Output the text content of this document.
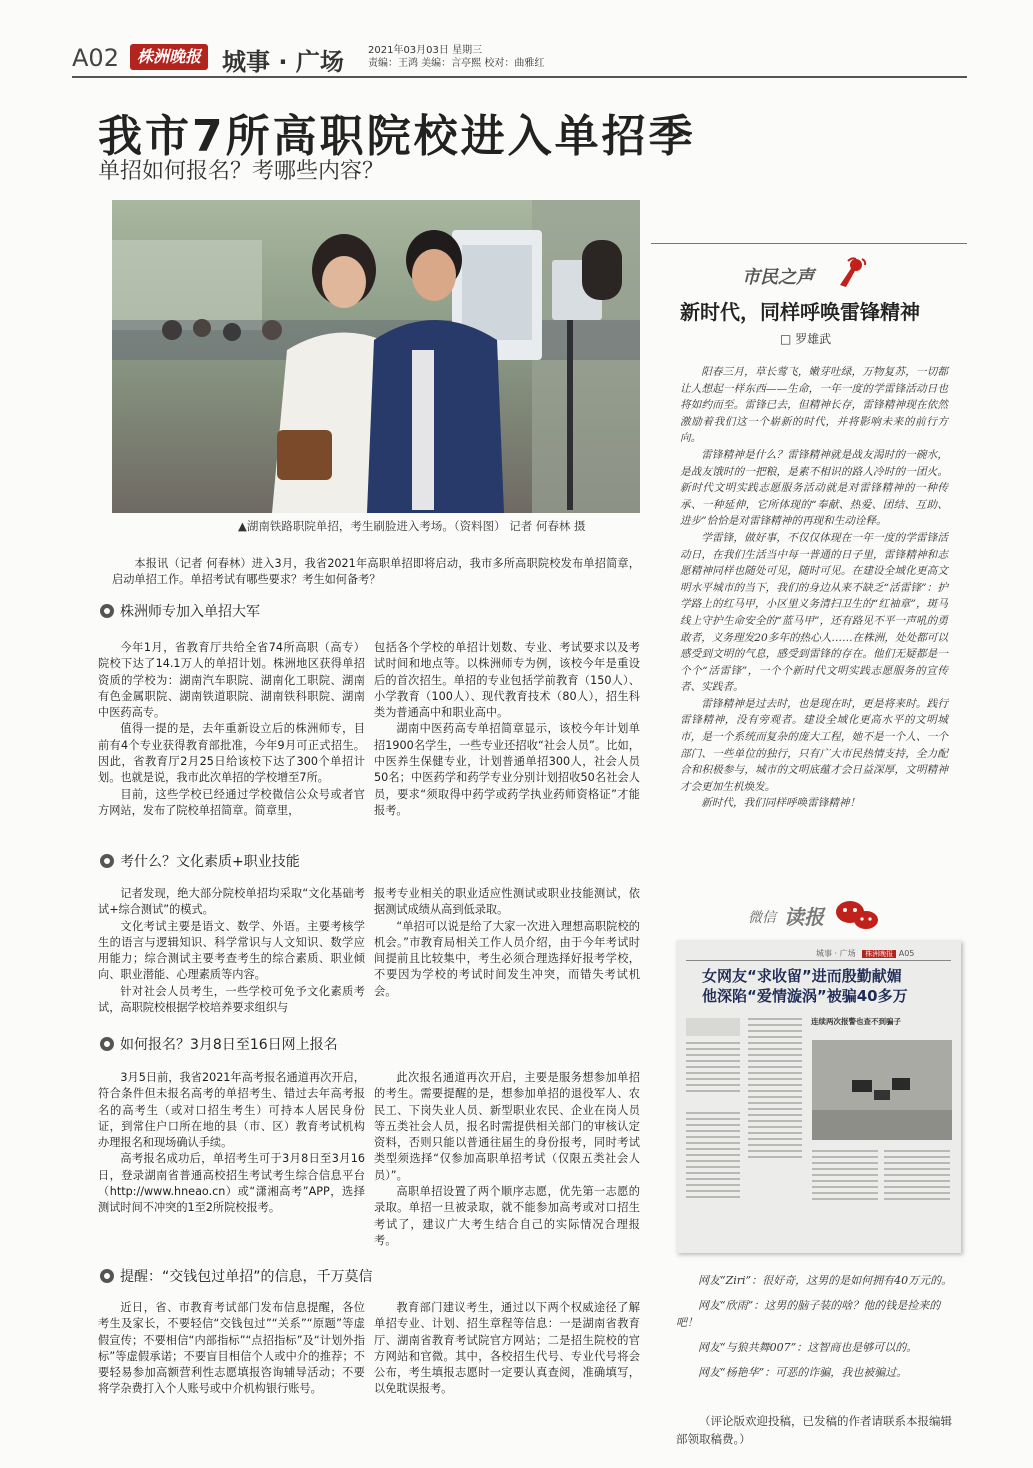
A02	株洲晚报 城事 · 广场 2021年03月03日 星期三
责编：王鸿 美编：言亭熙 校对：曲雅红
我市7所高职院校进入单招季
单招如何报名？考哪些内容？
▲湖南铁路职院单招，考生刷脸进入考场。（资料图） 记者 何春林 摄

本报讯（记者 何春林）进入3月，我省2021年高职单招即将启动，我市多所高职院校发布单招简章，启动单招工作。单招考试有哪些要求？考生如何备考？

株洲师专加入单招大军

今年1月，省教育厅共给全省74所高职（高专）院校下达了14.1万人的单招计划。株洲地区获得单招资质的学校为：湖南汽车职院、湖南化工职院、湖南有色金属职院、湖南铁道职院、湖南铁科职院、湖南中医药高专。

值得一提的是，去年重新设立后的株洲师专，目前有4个专业获得教育部批准，今年9月可正式招生。因此，省教育厅2月25日给该校下达了300个单招计划。也就是说，我市此次单招的学校增至7所。

目前，这些学校已经通过学校微信公众号或者官方网站，发布了院校单招简章。简章里，

包括各个学校的单招计划数、专业、考试要求以及考试时间和地点等。以株洲师专为例，该校今年是重设后的首次招生。单招的专业包括学前教育（150人）、小学教育（100人）、现代教育技术（80人），招生科类为普通高中和职业高中。

湖南中医药高专单招简章显示，该校今年计划单招1900名学生，一些专业还招收“社会人员”。比如，中医养生保健专业，计划普通单招300人，社会人员50名；中医药学和药学专业分别计划招收50名社会人员，要求“须取得中药学或药学执业药师资格证”才能报考。

考什么？文化素质+职业技能

记者发现，绝大部分院校单招均采取“文化基础考试+综合测试”的模式。

文化考试主要是语文、数学、外语。主要考核学生的语言与逻辑知识、科学常识与人文知识、数学应用能力；综合测试主要考查考生的综合素质、职业倾向、职业潜能、心理素质等内容。

针对社会人员考生，一些学校可免予文化素质考试，高职院校根据学校培养要求组织与

报考专业相关的职业适应性测试或职业技能测试，依据测试成绩从高到低录取。

“单招可以说是给了大家一次进入理想高职院校的机会。”市教育局相关工作人员介绍，由于今年考试时间提前且比较集中，考生必须合理选择好报考学校，不要因为学校的考试时间发生冲突，而错失考试机会。

如何报名？3月8日至16日网上报名

3月5日前，我省2021年高考报名通道再次开启，符合条件但未报名高考的单招考生、错过去年高考报名的高考生（或对口招生考生）可持本人居民身份证，到常住户口所在地的县（市、区）教育考试机构办理报名和现场确认手续。

高考报名成功后，单招考生可于3月8日至3月16日，登录湖南省普通高校招生考试考生综合信息平台（http://www.hneao.cn）或“潇湘高考”APP，选择测试时间不冲突的1至2所院校报考。

此次报名通道再次开启，主要是服务想参加单招的考生。需要提醒的是，想参加单招的退役军人、农民工、下岗失业人员、新型职业农民、企业在岗人员等五类社会人员，报名时需提供相关部门的审核认定资料，否则只能以普通往届生的身份报考，同时考试类型须选择“仅参加高职单招考试（仅限五类社会人员）”。

高职单招设置了两个顺序志愿，优先第一志愿的录取。单招一旦被录取，就不能参加高考或对口招生考试了，建议广大考生结合自己的实际情况合理报考。

提醒：“交钱包过单招”的信息，千万莫信

近日，省、市教育考试部门发布信息提醒，各位考生及家长，不要轻信“交钱包过”“关系”“原题”等虚假宣传；不要相信“内部指标”“点招指标”及“计划外指标”等虚假承诺；不要盲目相信个人或中介的推荐；不要轻易参加高额营利性志愿填报咨询辅导活动；不要将学杂费打入个人账号或中介机构银行账号。

教育部门建议考生，通过以下两个权威途径了解单招专业、计划、招生章程等信息：一是湖南省教育厅、湖南省教育考试院官方网站；二是招生院校的官方网站和官微。其中，各校招生代号、专业代号将会公布，考生填报志愿时一定要认真查阅，准确填写，以免耽误报考。

市民之声
新时代，同样呼唤雷锋精神
□ 罗雄武

阳春三月，草长莺飞，嫩芽吐绿，万物复苏，一切都让人想起一样东西——生命，一年一度的学雷锋活动日也将如约而至。雷锋已去，但精神长存，雷锋精神现在依然激励着我们这一个崭新的时代，并将影响未来的前行方向。

雷锋精神是什么？雷锋精神就是战友渴时的一碗水，是战友饿时的一把粮，是素不相识的路人冷时的一团火。新时代文明实践志愿服务活动就是对雷锋精神的一种传承、一种延伸，它所体现的“奉献、热爱、团结、互助、进步”恰恰是对雷锋精神的再现和生动诠释。

学雷锋，做好事，不仅仅体现在一年一度的学雷锋活动日，在我们生活当中每一普通的日子里，雷锋精神和志愿精神同样也随处可见，随时可见。在建设全域化更高文明水平城市的当下，我们的身边从来不缺乏“活雷锋”：护学路上的红马甲，小区里义务清扫卫生的“红袖章”，斑马线上守护生命安全的“蓝马甲”，还有路见不平一声吼的勇敢者，义务理发20多年的热心人……在株洲，处处都可以感受到文明的气息，感受到雷锋的存在。他们无疑都是一个个“活雷锋”，一个个新时代文明实践志愿服务的宣传者、实践者。

雷锋精神是过去时，也是现在时，更是将来时。践行雷锋精神，没有旁观者。建设全域化更高水平的文明城市，是一个系统而复杂的庞大工程，她不是一个人、一个部门、一些单位的独行，只有广大市民热情支持，全力配合和积极参与，城市的文明底蕴才会日益深厚，文明精神才会更加生机焕发。

新时代，我们同样呼唤雷锋精神！

微信 读报
城事 · 广场 株洲晚报 A05
女网友“求收留”进而殷勤献媚
他深陷“爱情漩涡”被骗40多万
连续两次报警也查不到骗子

网友“Ziri”：很好奇，这男的是如何拥有40万元的。

网友“欣雨”：这男的脑子装的啥？他的钱是捡来的吧！

网友“与狼共舞007”：这智商也是够可以的。

网友“杨艳华”：可恶的诈骗，我也被骗过。

（评论版欢迎投稿，已发稿的作者请联系本报编辑部领取稿费。）
